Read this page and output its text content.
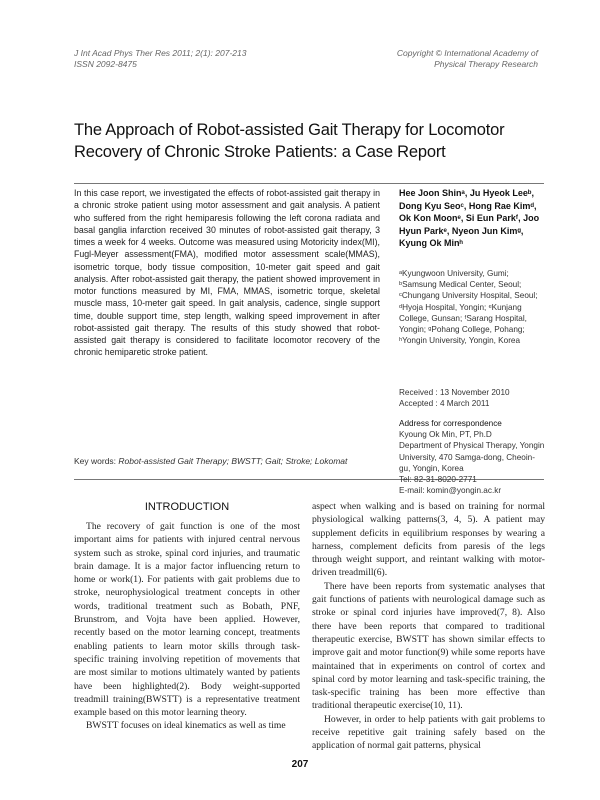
J Int Acad Phys Ther Res 2011; 2(1): 207-213
ISSN 2092-8475
Copyright © International Academy of
Physical Therapy Research
The Approach of Robot-assisted Gait Therapy for Locomotor Recovery of Chronic Stroke Patients: a Case Report

In this case report, we investigated the effects of robot-assisted gait therapy in a chronic stroke patient using motor assessment and gait analysis. A patient who suffered from the right hemiparesis following the left corona radiata and basal ganglia infarction received 30 minutes of robot-assisted gait therapy, 3 times a week for 4 weeks. Outcome was measured using Motoricity index(MI), Fugl-Meyer assessment(FMA), modified motor assessment scale(MMAS), isometric torque, body tissue composition, 10-meter gait speed and gait analysis. After robot-assisted gait therapy, the patient showed improvement in motor functions measured by MI, FMA, MMAS, isometric torque, skeletal muscle mass, 10-meter gait speed. In gait analysis, cadence, single support time, double support time, step length, walking speed improvement in after robot-assisted gait therapy. The results of this study showed that robot-assisted gait therapy is considered to facilitate locomotor recovery of the chronic hemiparetic stroke patient.

Key words: Robot-assisted Gait Therapy; BWSTT; Gait; Stroke; Lokomat

Hee Joon Shinᵃ, Ju Hyeok Leeᵇ, Dong Kyu Seoᶜ, Hong Rae Kimᵈ, Ok Kon Moonᵉ, Si Eun Parkᶠ, Joo Hyun Parkᵉ, Nyeon Jun Kimᵍ, Kyung Ok Minʰ

ᵃKyungwoon University, Gumi; ᵇSamsung Medical Center, Seoul; ᶜChungang University Hospital, Seoul; ᵈHyoja Hospital, Yongin; ᵉKunjang College, Gunsan; ᶠSarang Hospital, Yongin; ᵍPohang College, Pohang; ʰYongin University, Yongin, Korea

Received : 13 November 2010
Accepted : 4 March 2011
Address for correspondence
Kyoung Ok Min, PT, Ph.D
Department of Physical Therapy, Yongin University, 470 Samga-dong, Cheoin-gu, Yongin, Korea
Tel: 82-31-8020-2771
E-mail: komin@yongin.ac.kr
INTRODUCTION

The recovery of gait function is one of the most important aims for patients with injured central nervous system such as stroke, spinal cord injuries, and traumatic brain damage. It is a major factor influencing return to home or work(1). For patients with gait problems due to stroke, neurophysiological treatment concepts in other words, traditional treatment such as Bobath, PNF, Brunstrom, and Vojta have been applied. However, recently based on the motor learning concept, treatments enabling patients to learn motor skills through task-specific training involving repetition of movements that are most similar to motions ultimately wanted by patients have been highlighted(2). Body weight-supported treadmill training(BWSTT) is a representative treatment example based on this motor learning theory.

BWSTT focuses on ideal kinematics as well as time

aspect when walking and is based on training for normal physiological walking patterns(3, 4, 5). A patient may supplement deficits in equilibrium responses by wearing a harness, complement deficits from paresis of the legs through weight support, and reintant walking with motor-driven treadmill(6).

There have been reports from systematic analyses that gait functions of patients with neurological damage such as stroke or spinal cord injuries have improved(7, 8). Also there have been reports that compared to traditional therapeutic exercise, BWSTT has shown similar effects to improve gait and motor function(9) while some reports have maintained that in experiments on control of cortex and spinal cord by motor learning and task-specific training, the task-specific training has been more effective than traditional therapeutic exercise(10, 11).

However, in order to help patients with gait problems to receive repetitive gait training safely based on the application of normal gait patterns, physical

207
